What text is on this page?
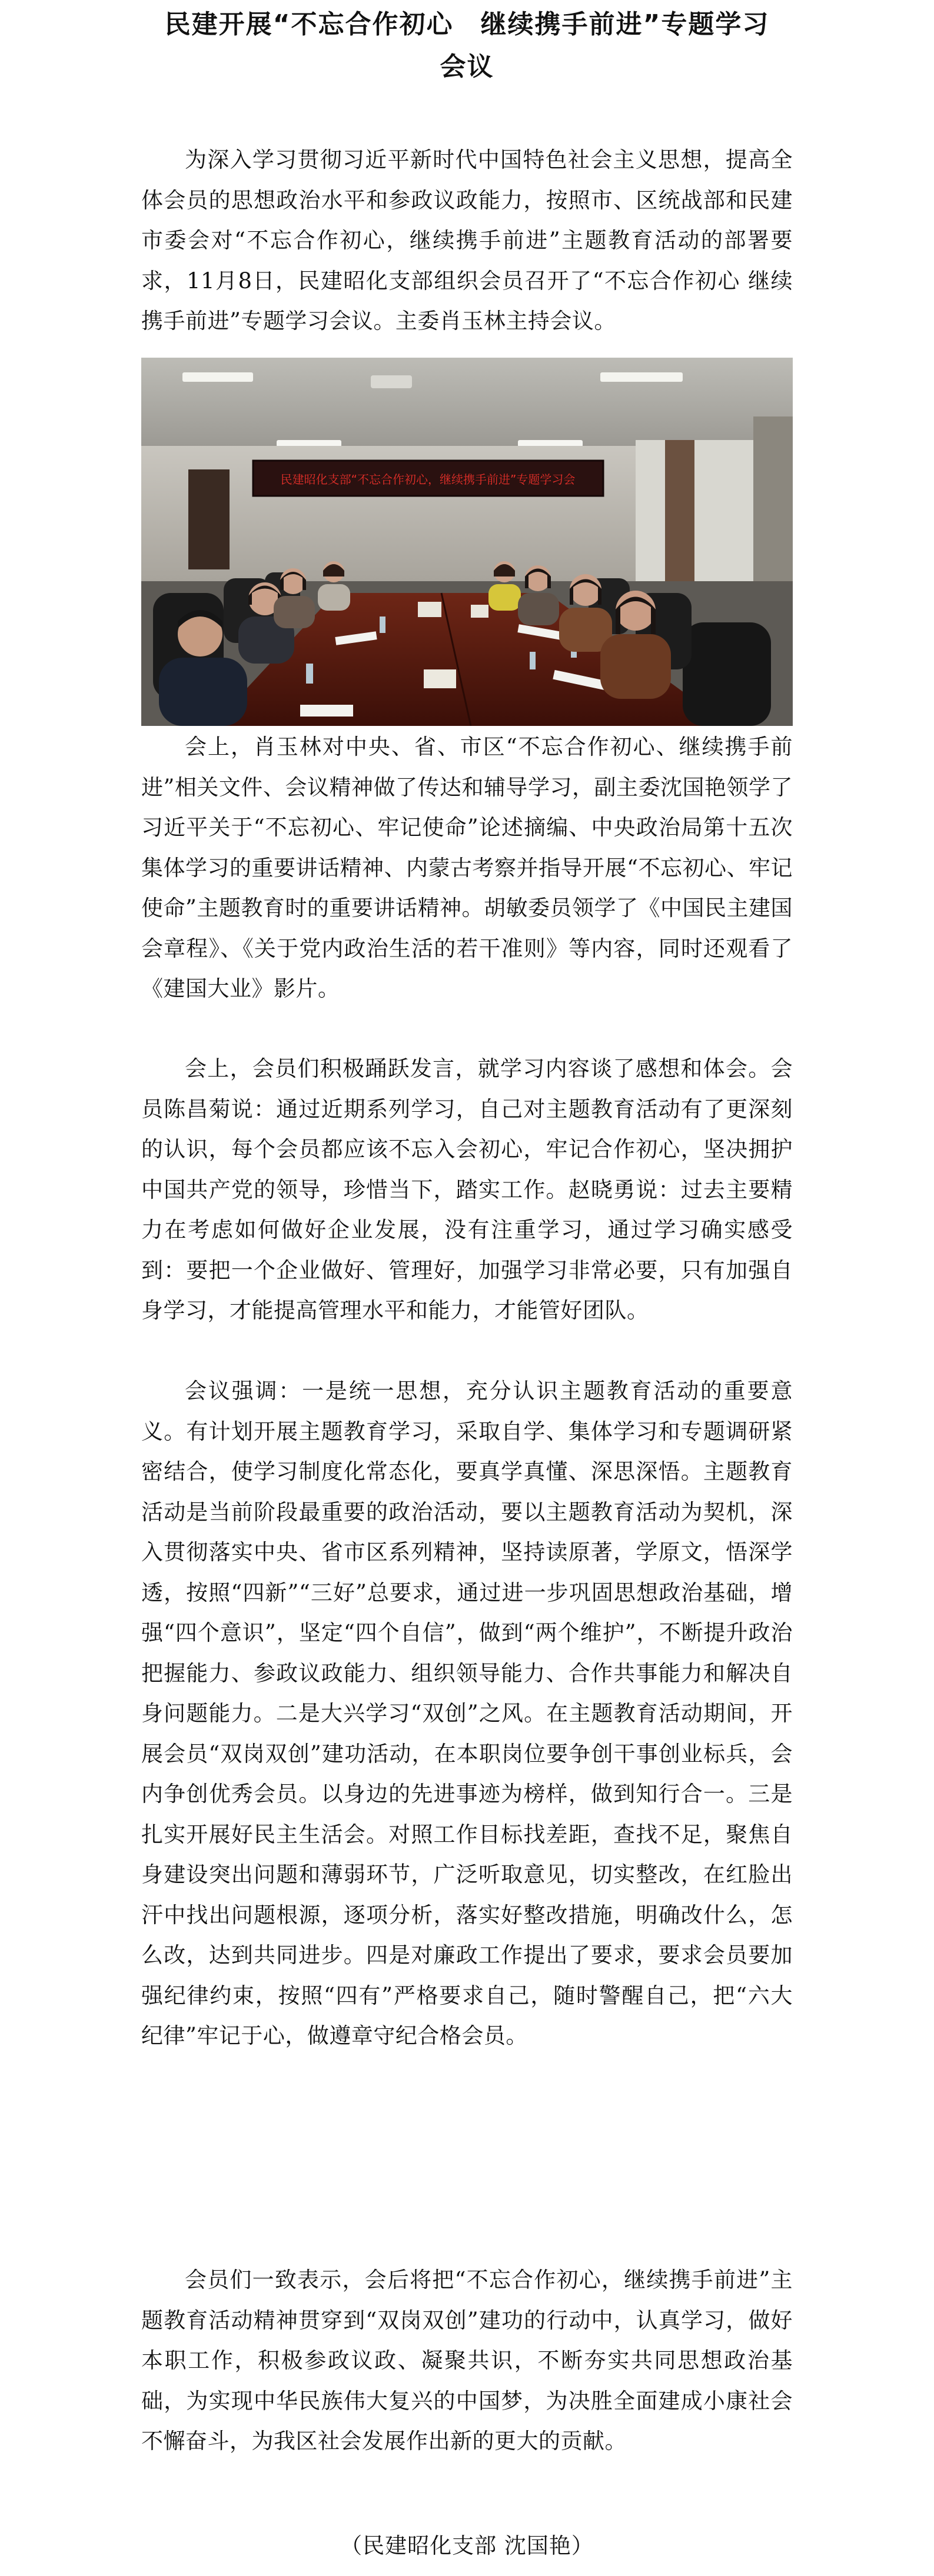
民建开展“不忘合作初心　继续携手前进”专题学习
会议

为深入学习贯彻习近平新时代中国特色社会主义思想，提高全体会员的思想政治水平和参政议政能力，按照市、区统战部和民建市委会对“不忘合作初心，继续携手前进”主题教育活动的部署要求，11月8日，民建昭化支部组织会员召开了“不忘合作初心 继续携手前进”专题学习会议。主委肖玉林主持会议。

民建昭化支部“不忘合作初心，继续携手前进”专题学习会

会上，肖玉林对中央、省、市区“不忘合作初心、继续携手前进”相关文件、会议精神做了传达和辅导学习，副主委沈国艳领学了习近平关于“不忘初心、牢记使命”论述摘编、中央政治局第十五次集体学习的重要讲话精神、内蒙古考察并指导开展“不忘初心、牢记使命”主题教育时的重要讲话精神。胡敏委员领学了《中国民主建国会章程》、《关于党内政治生活的若干准则》等内容，同时还观看了《建国大业》影片。

会上，会员们积极踊跃发言，就学习内容谈了感想和体会。会员陈昌菊说：通过近期系列学习，自己对主题教育活动有了更深刻的认识，每个会员都应该不忘入会初心，牢记合作初心，坚决拥护中国共产党的领导，珍惜当下，踏实工作。赵晓勇说：过去主要精力在考虑如何做好企业发展，没有注重学习，通过学习确实感受到：要把一个企业做好、管理好，加强学习非常必要，只有加强自身学习，才能提高管理水平和能力，才能管好团队。

会议强调：一是统一思想，充分认识主题教育活动的重要意义。有计划开展主题教育学习，采取自学、集体学习和专题调研紧密结合，使学习制度化常态化，要真学真懂、深思深悟。主题教育活动是当前阶段最重要的政治活动，要以主题教育活动为契机，深入贯彻落实中央、省市区系列精神，坚持读原著，学原文，悟深学透，按照“四新”“三好”总要求，通过进一步巩固思想政治基础，增强“四个意识”，坚定“四个自信”，做到“两个维护”，不断提升政治把握能力、参政议政能力、组织领导能力、合作共事能力和解决自身问题能力。二是大兴学习“双创”之风。在主题教育活动期间，开展会员“双岗双创”建功活动，在本职岗位要争创干事创业标兵，会内争创优秀会员。以身边的先进事迹为榜样，做到知行合一。三是扎实开展好民主生活会。对照工作目标找差距，查找不足，聚焦自身建设突出问题和薄弱环节，广泛听取意见，切实整改，在红脸出汗中找出问题根源，逐项分析，落实好整改措施，明确改什么，怎么改，达到共同进步。四是对廉政工作提出了要求，要求会员要加强纪律约束，按照“四有”严格要求自己，随时警醒自己，把“六大纪律”牢记于心，做遵章守纪合格会员。

会员们一致表示，会后将把“不忘合作初心，继续携手前进”主题教育活动精神贯穿到“双岗双创”建功的行动中，认真学习，做好本职工作，积极参政议政、凝聚共识，不断夯实共同思想政治基础，为实现中华民族伟大复兴的中国梦，为决胜全面建成小康社会不懈奋斗，为我区社会发展作出新的更大的贡献。

（民建昭化支部 沈国艳）
